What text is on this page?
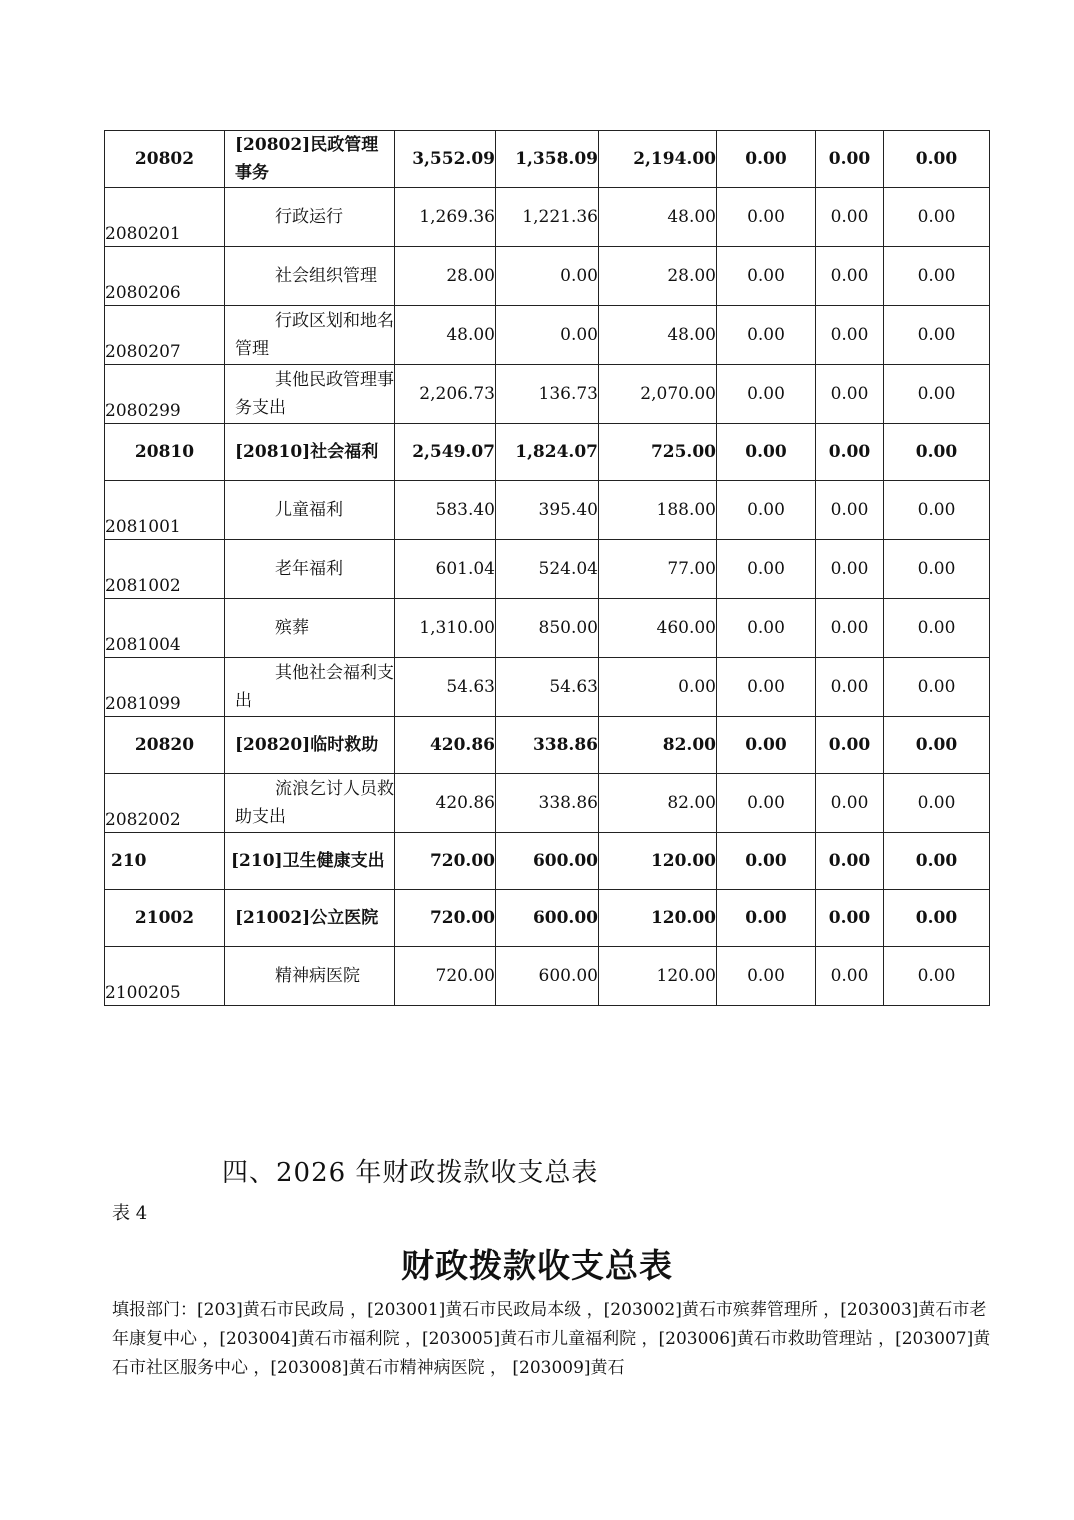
20802	[20802]民政管理事务	3,552.09	1,358.09	2,194.00	0.00	0.00	0.00
2080201	行政运行	1,269.36	1,221.36	48.00	0.00	0.00	0.00
2080206	社会组织管理	28.00	0.00	28.00	0.00	0.00	0.00
2080207	行政区划和地名管理	48.00	0.00	48.00	0.00	0.00	0.00
2080299	其他民政管理事务支出	2,206.73	136.73	2,070.00	0.00	0.00	0.00
20810	[20810]社会福利	2,549.07	1,824.07	725.00	0.00	0.00	0.00
2081001	儿童福利	583.40	395.40	188.00	0.00	0.00	0.00
2081002	老年福利	601.04	524.04	77.00	0.00	0.00	0.00
2081004	殡葬	1,310.00	850.00	460.00	0.00	0.00	0.00
2081099	其他社会福利支出	54.63	54.63	0.00	0.00	0.00	0.00
20820	[20820]临时救助	420.86	338.86	82.00	0.00	0.00	0.00
2082002	流浪乞讨人员救助支出	420.86	338.86	82.00	0.00	0.00	0.00
210	[210]卫生健康支出	720.00	600.00	120.00	0.00	0.00	0.00
21002	[21002]公立医院	720.00	600.00	120.00	0.00	0.00	0.00
2100205	精神病医院	720.00	600.00	120.00	0.00	0.00	0.00
四、2026 年财政拨款收支总表
表 4
财政拨款收支总表

填报部门：[203]黄石市民政局 ，[203001]黄石市民政局本级 ，[203002]黄石市殡葬管理所 ，[203003]黄石市老年康复中心 ，[203004]黄石市福利院 ，[203005]黄石市儿童福利院 ，[203006]黄石市救助管理站 ，[203007]黄石市社区服务中心 ，[203008]黄石市精神病医院 ， [203009]黄石
